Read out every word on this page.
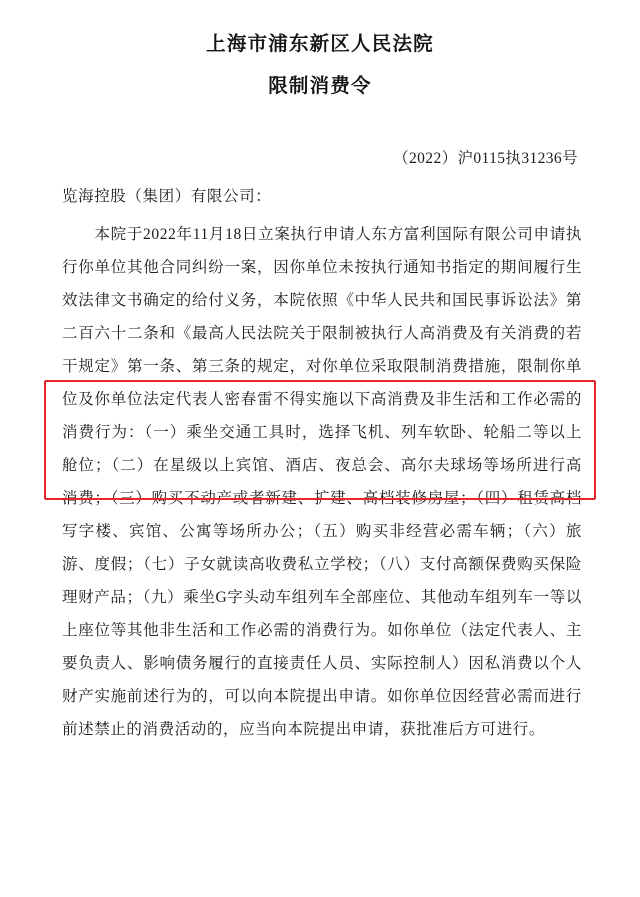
上海市浦东新区人民法院
限制消费令
（2022）沪0115执31236号
览海控股（集团）有限公司：
　　本院于2022年11月18日立案执行申请人东方富利国际有限公司申请执行你单位其他合同纠纷一案，因你单位未按执行通知书指定的期间履行生效法律文书确定的给付义务，本院依照《中华人民共和国民事诉讼法》第二百六十二条和《最高人民法院关于限制被执行人高消费及有关消费的若干规定》第一条、第三条的规定，对你单位采取限制消费措施，限制你单位及你单位法定代表人密春雷不得实施以下高消费及非生活和工作必需的消费行为：（一）乘坐交通工具时，选择飞机、列车软卧、轮船二等以上舱位；（二）在星级以上宾馆、酒店、夜总会、高尔夫球场等场所进行高消费；（三）购买不动产或者新建、扩建、高档装修房屋；（四）租赁高档写字楼、宾馆、公寓等场所办公；（五）购买非经营必需车辆；（六）旅游、度假；（七）子女就读高收费私立学校；（八）支付高额保费购买保险理财产品；（九）乘坐G字头动车组列车全部座位、其他动车组列车一等以上座位等其他非生活和工作必需的消费行为。如你单位（法定代表人、主要负责人、影响债务履行的直接责任人员、实际控制人）因私消费以个人财产实施前述行为的，可以向本院提出申请。如你单位因经营必需而进行前述禁止的消费活动的，应当向本院提出申请，获批准后方可进行。
